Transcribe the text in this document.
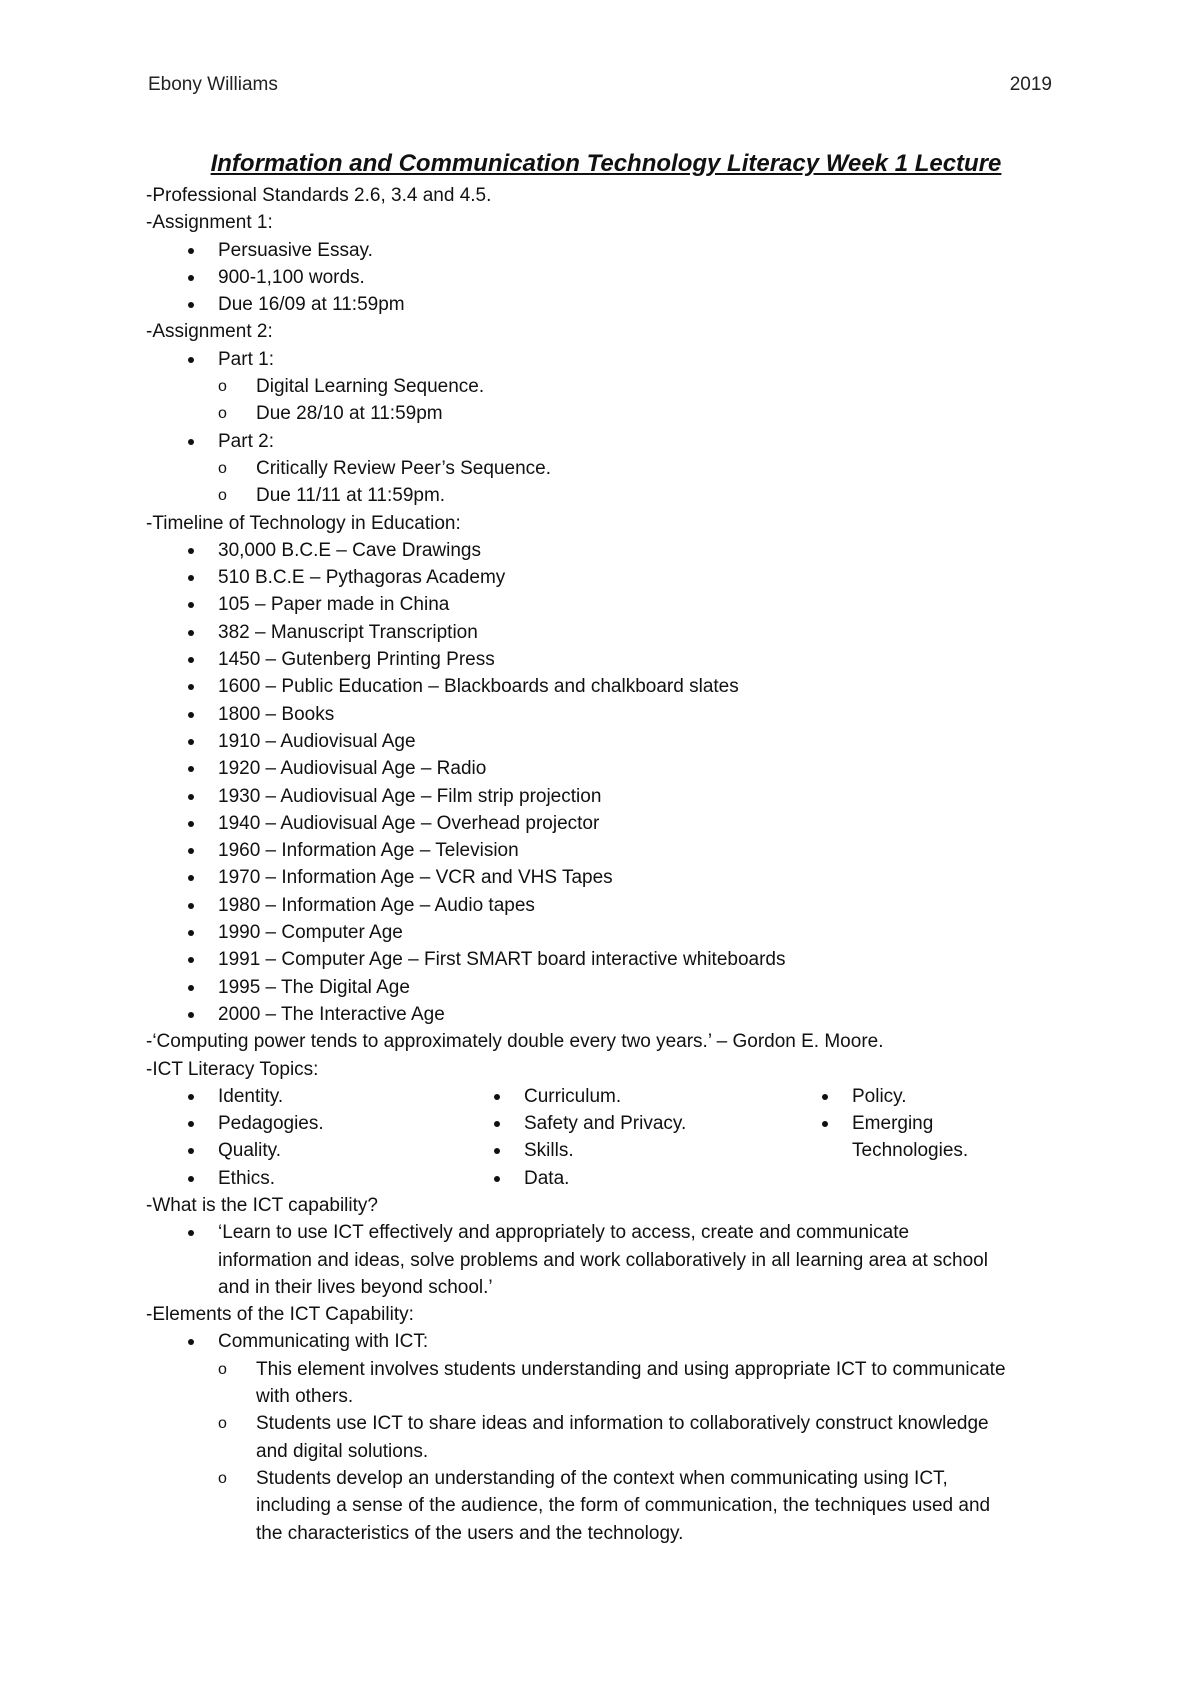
Ebony Williams	2019
Information and Communication Technology Literacy Week 1 Lecture
-Professional Standards 2.6, 3.4 and 4.5.
-Assignment 1:
Persuasive Essay.
900-1,100 words.
Due 16/09 at 11:59pm
-Assignment 2:
Part 1:
o Digital Learning Sequence.
o Due 28/10 at 11:59pm
Part 2:
o Critically Review Peer’s Sequence.
o Due 11/11 at 11:59pm.
-Timeline of Technology in Education:
30,000 B.C.E – Cave Drawings
510 B.C.E – Pythagoras Academy
105 – Paper made in China
382 – Manuscript Transcription
1450 – Gutenberg Printing Press
1600 – Public Education – Blackboards and chalkboard slates
1800 – Books
1910 – Audiovisual Age
1920 – Audiovisual Age – Radio
1930 – Audiovisual Age – Film strip projection
1940 – Audiovisual Age – Overhead projector
1960 – Information Age – Television
1970 – Information Age – VCR and VHS Tapes
1980 – Information Age – Audio tapes
1990 – Computer Age
1991 – Computer Age – First SMART board interactive whiteboards
1995 – The Digital Age
2000 – The Interactive Age
-‘Computing power tends to approximately double every two years.’ – Gordon E. Moore.
-ICT Literacy Topics:
Identity.
Pedagogies.
Quality.
Ethics.
Curriculum.
Safety and Privacy.
Skills.
Data.
Policy.
Emerging
Technologies.
-What is the ICT capability?
‘Learn to use ICT effectively and appropriately to access, create and communicate
information and ideas, solve problems and work collaboratively in all learning area at school
and in their lives beyond school.’
-Elements of the ICT Capability:
Communicating with ICT:
o This element involves students understanding and using appropriate ICT to communicate
with others.
o Students use ICT to share ideas and information to collaboratively construct knowledge
and digital solutions.
o Students develop an understanding of the context when communicating using ICT,
including a sense of the audience, the form of communication, the techniques used and
the characteristics of the users and the technology.
